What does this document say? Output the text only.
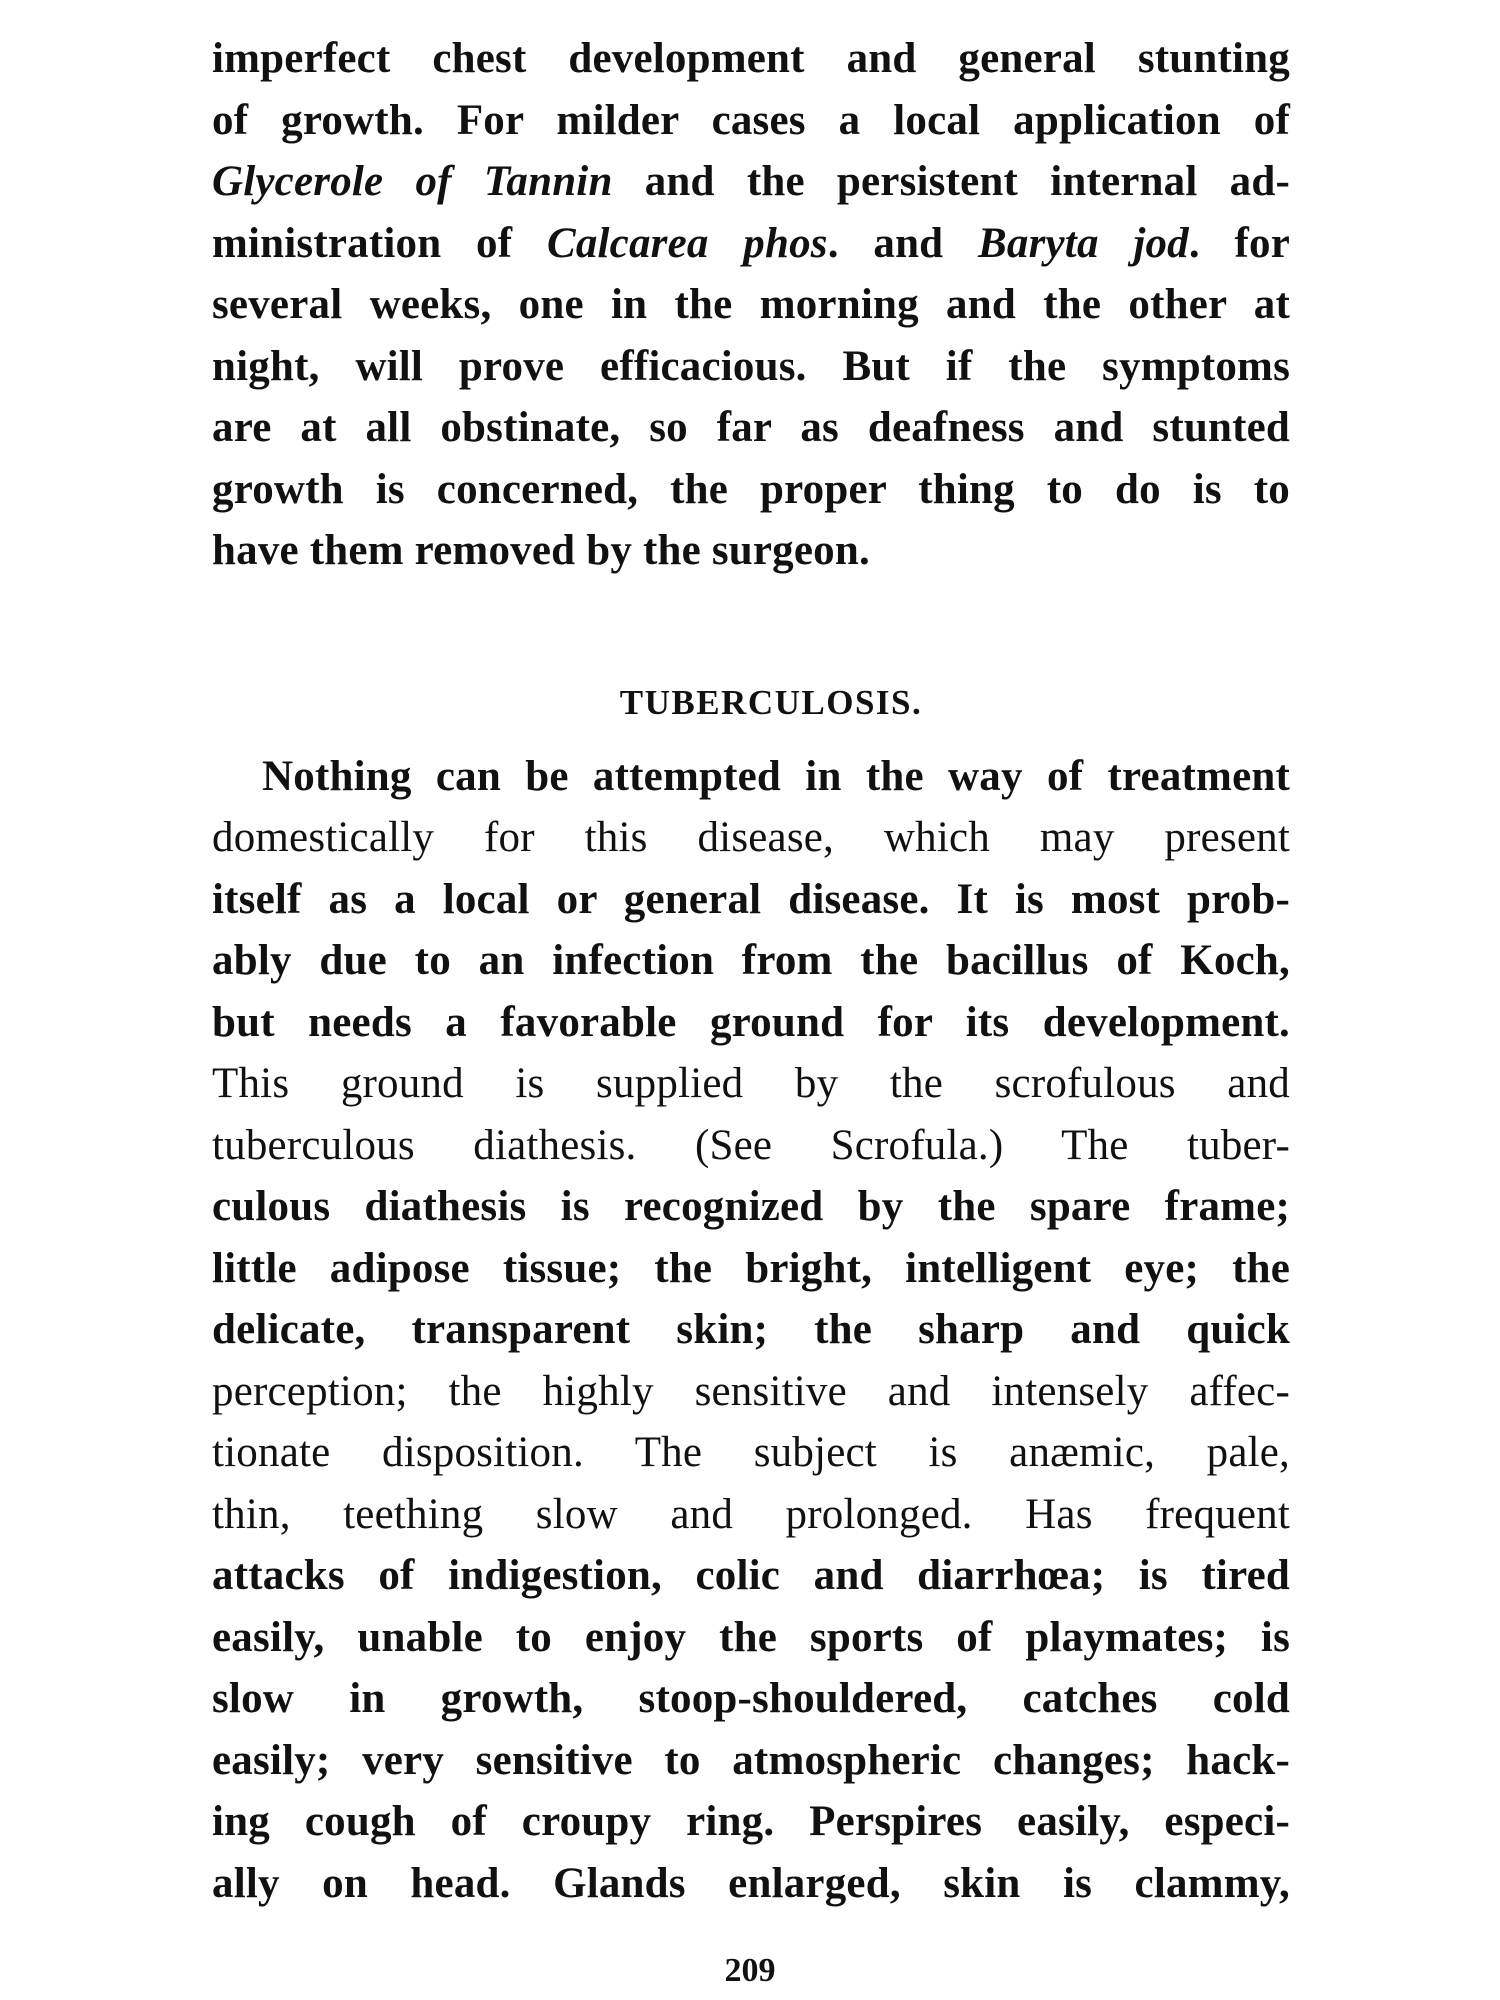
imperfect chest development and general stunting
of growth. For milder cases a local application of
Glycerole of Tannin and the persistent internal ad-
ministration of Calcarea phos. and Baryta jod. for
several weeks, one in the morning and the other at
night, will prove efficacious. But if the symptoms
are at all obstinate, so far as deafness and stunted
growth is concerned, the proper thing to do is to
have them removed by the surgeon.
TUBERCULOSIS.
Nothing can be attempted in the way of treatment
domestically for this disease, which may present
itself as a local or general disease. It is most prob-
ably due to an infection from the bacillus of Koch,
but needs a favorable ground for its development.
This ground is supplied by the scrofulous and
tuberculous diathesis. (See Scrofula.) The tuber-
culous diathesis is recognized by the spare frame;
little adipose tissue; the bright, intelligent eye; the
delicate, transparent skin; the sharp and quick
perception; the highly sensitive and intensely affec-
tionate disposition. The subject is anæmic, pale,
thin, teething slow and prolonged. Has frequent
attacks of indigestion, colic and diarrhœa; is tired
easily, unable to enjoy the sports of playmates; is
slow in growth, stoop-shouldered, catches cold
easily; very sensitive to atmospheric changes; hack-
ing cough of croupy ring. Perspires easily, especi-
ally on head. Glands enlarged, skin is clammy,
209
